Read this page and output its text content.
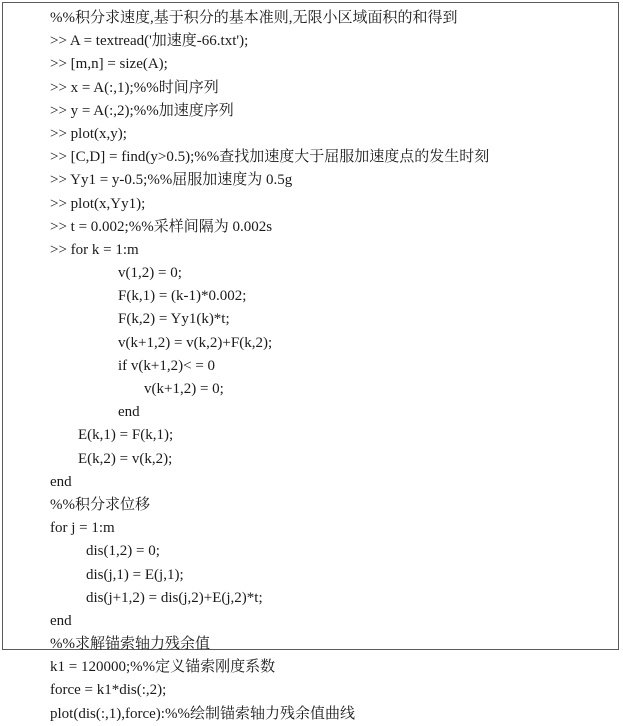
%%积分求速度,基于积分的基本准则,无限小区域面积的和得到
>> A = textread('加速度-66.txt');
>> [m,n] = size(A);
>> x = A(:,1);%%时间序列
>> y = A(:,2);%%加速度序列
>> plot(x,y);
>> [C,D] = find(y>0.5);%%查找加速度大于屈服加速度点的发生时刻
>> Yy1 = y-0.5;%%屈服加速度为 0.5g
>> plot(x,Yy1);
>> t = 0.002;%%采样间隔为 0.002s
>> for k = 1:m
v(1,2) = 0;
F(k,1) = (k-1)*0.002;
F(k,2) = Yy1(k)*t;
v(k+1,2) = v(k,2)+F(k,2);
if v(k+1,2)< = 0
v(k+1,2) = 0;
end
E(k,1) = F(k,1);
E(k,2) = v(k,2);
end
%%积分求位移
for j = 1:m
dis(1,2) = 0;
dis(j,1) = E(j,1);
dis(j+1,2) = dis(j,2)+E(j,2)*t;
end
%%求解锚索轴力残余值
k1 = 120000;%%定义锚索刚度系数
force = k1*dis(:,2);
plot(dis(:,1),force):%%绘制锚索轴力残余值曲线
